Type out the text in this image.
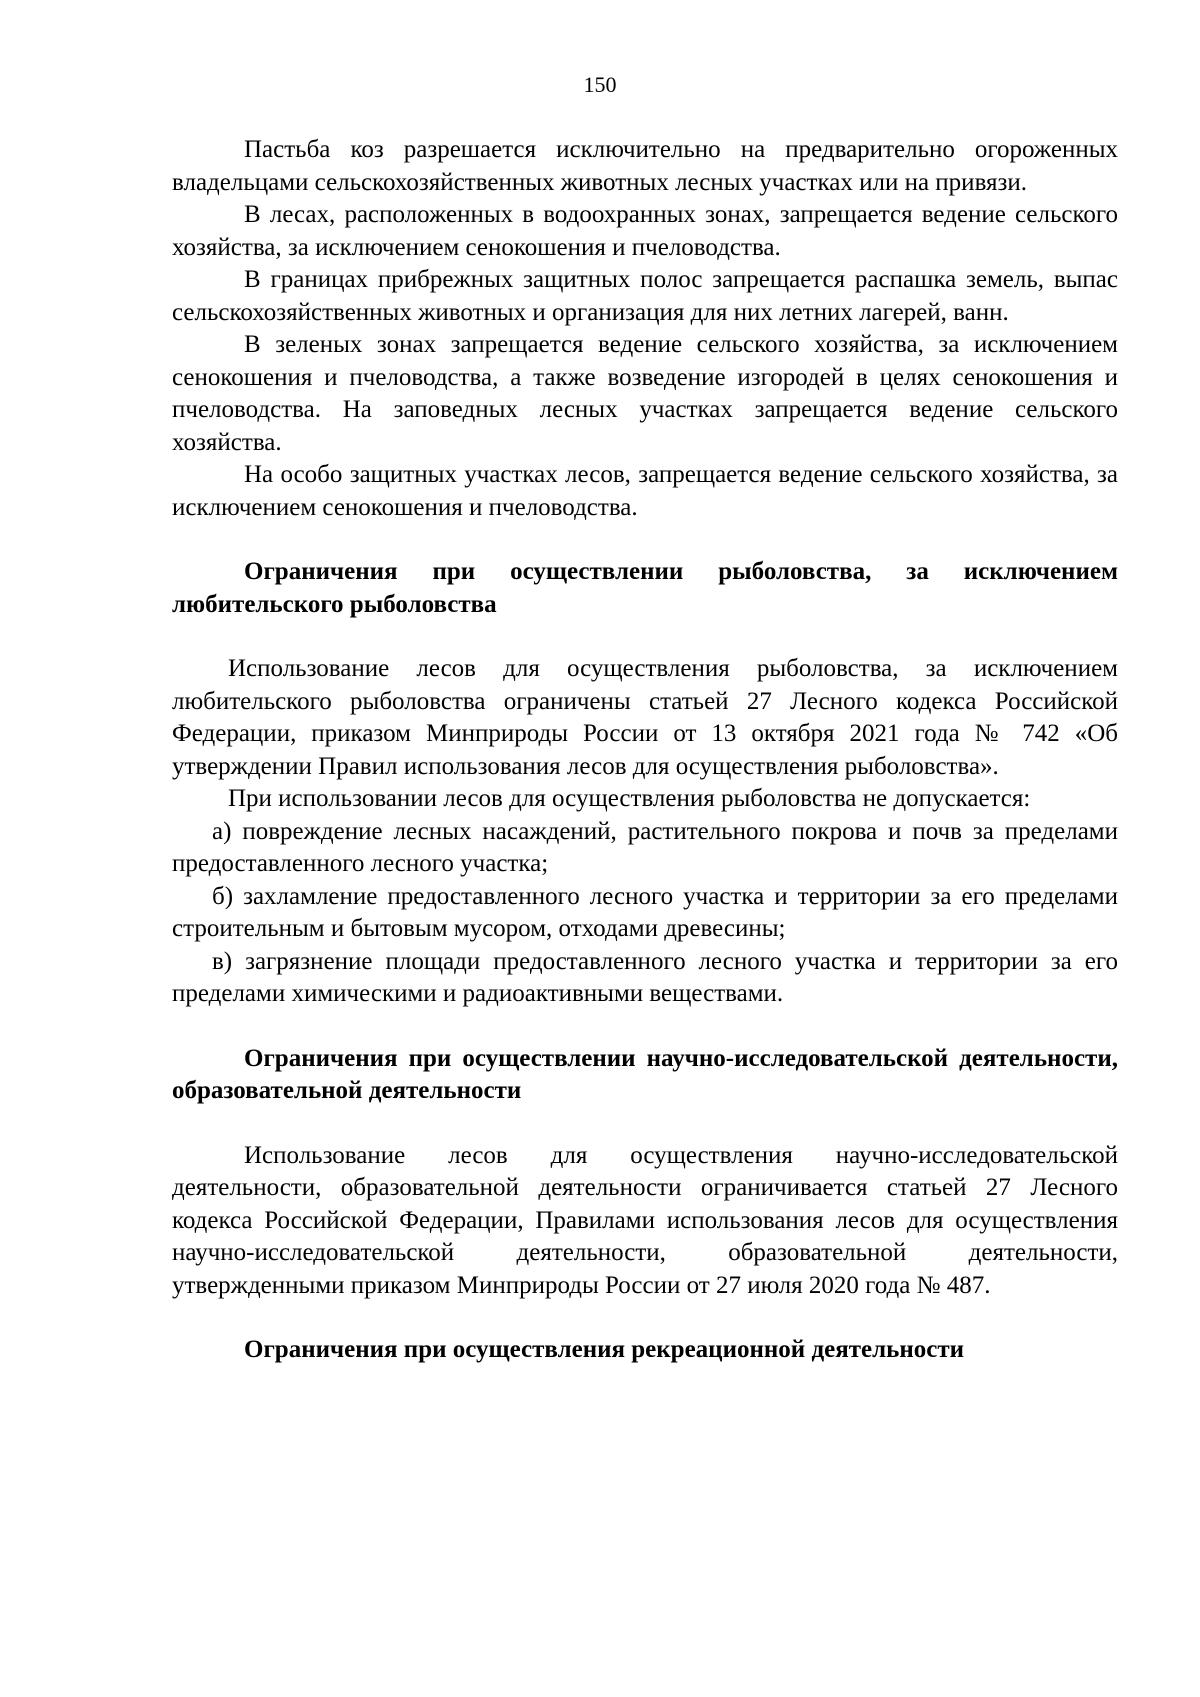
150

Пастьба коз разрешается исключительно на предварительно огороженных владельцами сельскохозяйственных животных лесных участках или на привязи.

В лесах, расположенных в водоохранных зонах, запрещается ведение сельского хозяйства, за исключением сенокошения и пчеловодства.

В границах прибрежных защитных полос запрещается распашка земель, выпас сельскохозяйственных животных и организация для них летних лагерей, ванн.

В зеленых зонах запрещается ведение сельского хозяйства, за исключением сенокошения и пчеловодства, а также возведение изгородей в целях сенокошения и пчеловодства. На заповедных лесных участках запрещается ведение сельского хозяйства.

На особо защитных участках лесов, запрещается ведение сельского хозяйства, за исключением сенокошения и пчеловодства.

Ограничения при осуществлении рыболовства, за исключением любительского рыболовства

Использование лесов для осуществления рыболовства, за исключением любительского рыболовства ограничены статьей 27 Лесного кодекса Российской Федерации, приказом Минприроды России от 13 октября 2021 года № 742 «Об утверждении Правил использования лесов для осуществления рыболовства».

При использовании лесов для осуществления рыболовства не допускается:

а) повреждение лесных насаждений, растительного покрова и почв за пределами предоставленного лесного участка;

б) захламление предоставленного лесного участка и территории за его пределами строительным и бытовым мусором, отходами древесины;

в) загрязнение площади предоставленного лесного участка и территории за его пределами химическими и радиоактивными веществами.

Ограничения при осуществлении научно-исследовательской деятельности, образовательной деятельности

Использование лесов для осуществления научно-исследовательской деятельности, образовательной деятельности ограничивается статьей 27 Лесного кодекса Российской Федерации, Правилами использования лесов для осуществления научно-исследовательской деятельности, образовательной деятельности, утвержденными приказом Минприроды России от 27 июля 2020 года № 487.

Ограничения при осуществления рекреационной деятельности
